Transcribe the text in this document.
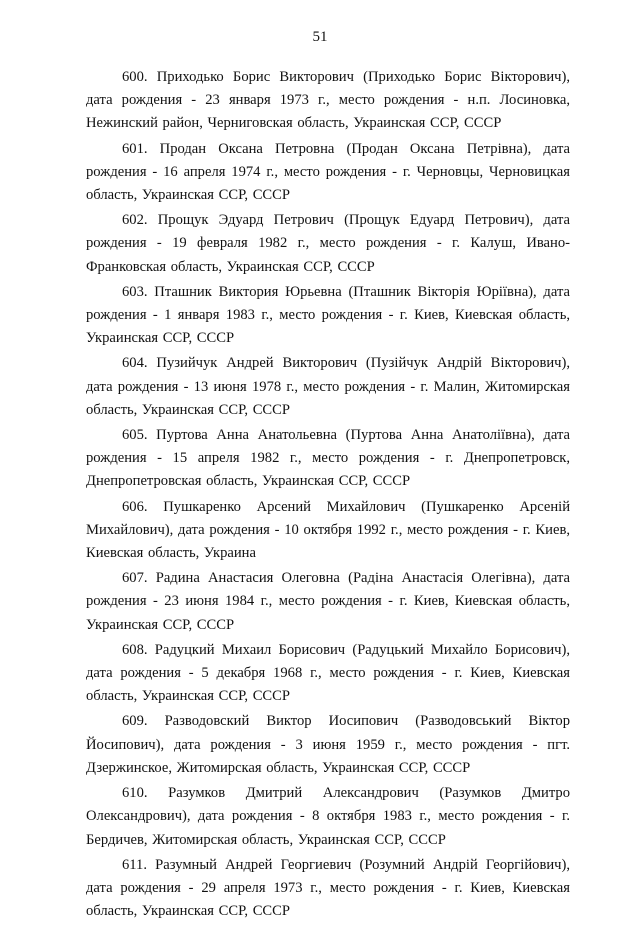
51

600. Приходько Борис Викторович (Приходько Борис Вікторович), дата рождения - 23 января 1973 г., место рождения - н.п. Лосиновка, Нежинский район, Черниговская область, Украинская ССР, СССР

601. Продан Оксана Петровна (Продан Оксана Петрівна), дата рождения - 16 апреля 1974 г., место рождения - г. Черновцы, Черновицкая область, Украинская ССР, СССР

602. Прощук Эдуард Петрович (Прощук Едуард Петрович), дата рождения - 19 февраля 1982 г., место рождения - г. Калуш, Ивано-Франковская область, Украинская ССР, СССР

603. Пташник Виктория Юрьевна (Пташник Вікторія Юріївна), дата рождения - 1 января 1983 г., место рождения - г. Киев, Киевская область, Украинская ССР, СССР

604. Пузийчук Андрей Викторович (Пузійчук Андрій Вікторович), дата рождения - 13 июня 1978 г., место рождения - г. Малин, Житомирская область, Украинская ССР, СССР

605. Пуртова Анна Анатольевна (Пуртова Анна Анатоліївна), дата рождения - 15 апреля 1982 г., место рождения - г. Днепропетровск, Днепропетровская область, Украинская ССР, СССР

606. Пушкаренко Арсений Михайлович (Пушкаренко Арсеній Михайлович), дата рождения - 10 октября 1992 г., место рождения - г. Киев, Киевская область, Украина

607. Радина Анастасия Олеговна (Радіна Анастасія Олегівна), дата рождения - 23 июня 1984 г., место рождения - г. Киев, Киевская область, Украинская ССР, СССР

608. Радуцкий Михаил Борисович (Радуцький Михайло Борисович), дата рождения - 5 декабря 1968 г., место рождения - г. Киев, Киевская область, Украинская ССР, СССР

609. Разводовский Виктор Иосипович (Разводовський Віктор Йосипович), дата рождения - 3 июня 1959 г., место рождения - пгт. Дзержинское, Житомирская область, Украинская ССР, СССР

610. Разумков Дмитрий Александрович (Разумков Дмитро Олександрович), дата рождения - 8 октября 1983 г., место рождения - г. Бердичев, Житомирская область, Украинская ССР, СССР

611. Разумный Андрей Георгиевич (Розумний Андрій Георгійович), дата рождения - 29 апреля 1973 г., место рождения - г. Киев, Киевская область, Украинская ССР, СССР
